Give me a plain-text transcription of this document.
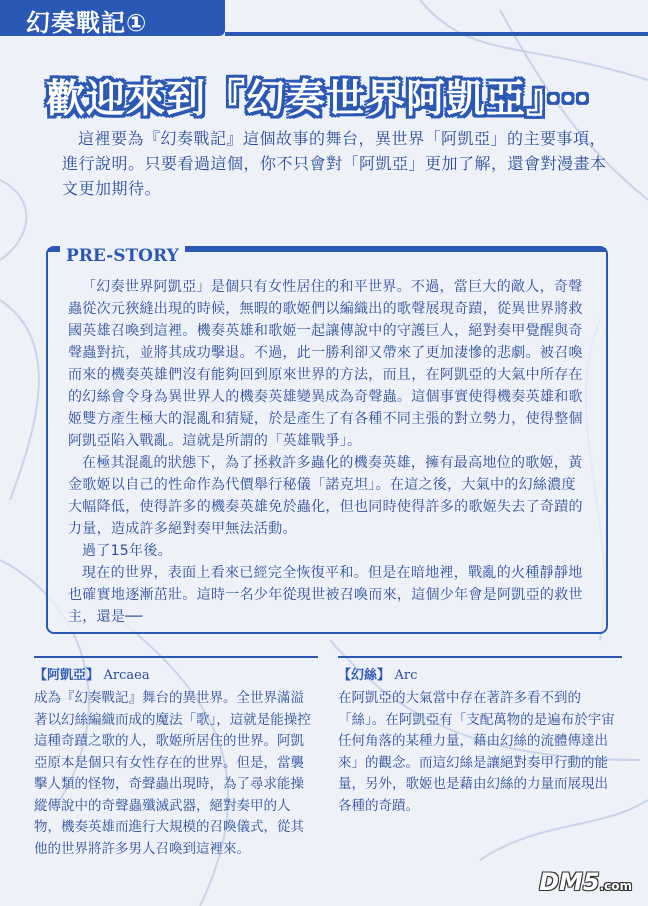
幻奏戰記①
歡迎來到『幻奏世界阿凱亞』···
這裡要為『幻奏戰記』這個故事的舞台，異世界「阿凱亞」的主要事項，進行說明。只要看過這個，你不只會對「阿凱亞」更加了解，還會對漫畫本文更加期待。
PRE-STORY

「幻奏世界阿凱亞」是個只有女性居住的和平世界。不過，當巨大的敵人，奇聲蟲從次元狹縫出現的時候，無暇的歌姬們以編織出的歌聲展現奇蹟，從異世界將救國英雄召喚到這裡。機奏英雄和歌姬一起讓傳說中的守護巨人，絕對奏甲覺醒與奇聲蟲對抗，並將其成功擊退。不過，此一勝利卻又帶來了更加淒慘的悲劇。被召喚而來的機奏英雄們沒有能夠回到原來世界的方法，而且，在阿凱亞的大氣中所存在的幻絲會令身為異世界人的機奏英雄變異成為奇聲蟲。這個事實使得機奏英雄和歌姬雙方產生極大的混亂和猜疑，於是產生了有各種不同主張的對立勢力，使得整個阿凱亞陷入戰亂。這就是所謂的「英雄戰爭」。

在極其混亂的狀態下，為了拯救許多蟲化的機奏英雄，擁有最高地位的歌姬，黃金歌姬以自己的性命作為代價舉行秘儀「諾克坦」。在這之後，大氣中的幻絲濃度大幅降低，使得許多的機奏英雄免於蟲化，但也同時使得許多的歌姬失去了奇蹟的力量，造成許多絕對奏甲無法活動。

過了15年後。

現在的世界，表面上看來已經完全恢復平和。但是在暗地裡，戰亂的火種靜靜地也確實地逐漸茁壯。這時一名少年從現世被召喚而來，這個少年會是阿凱亞的救世主，還是──

【阿凱亞】 Arcaea
成為『幻奏戰記』舞台的異世界。全世界滿溢著以幻絲編織而成的魔法「歌」，這就是能操控這種奇蹟之歌的人，歌姬所居住的世界。阿凱亞原本是個只有女性存在的世界。但是，當襲擊人類的怪物，奇聲蟲出現時，為了尋求能操縱傳說中的奇聲蟲殲滅武器，絕對奏甲的人物，機奏英雄而進行大規模的召喚儀式，從其他的世界將許多男人召喚到這裡來。
【幻絲】 Arc
在阿凱亞的大氣當中存在著許多看不到的「絲」。在阿凱亞有「支配萬物的是遍布於宇宙任何角落的某種力量，藉由幻絲的流體傳達出來」的觀念。而這幻絲是讓絕對奏甲行動的能量，另外，歌姬也是藉由幻絲的力量而展現出各種的奇蹟。
DM5.com
